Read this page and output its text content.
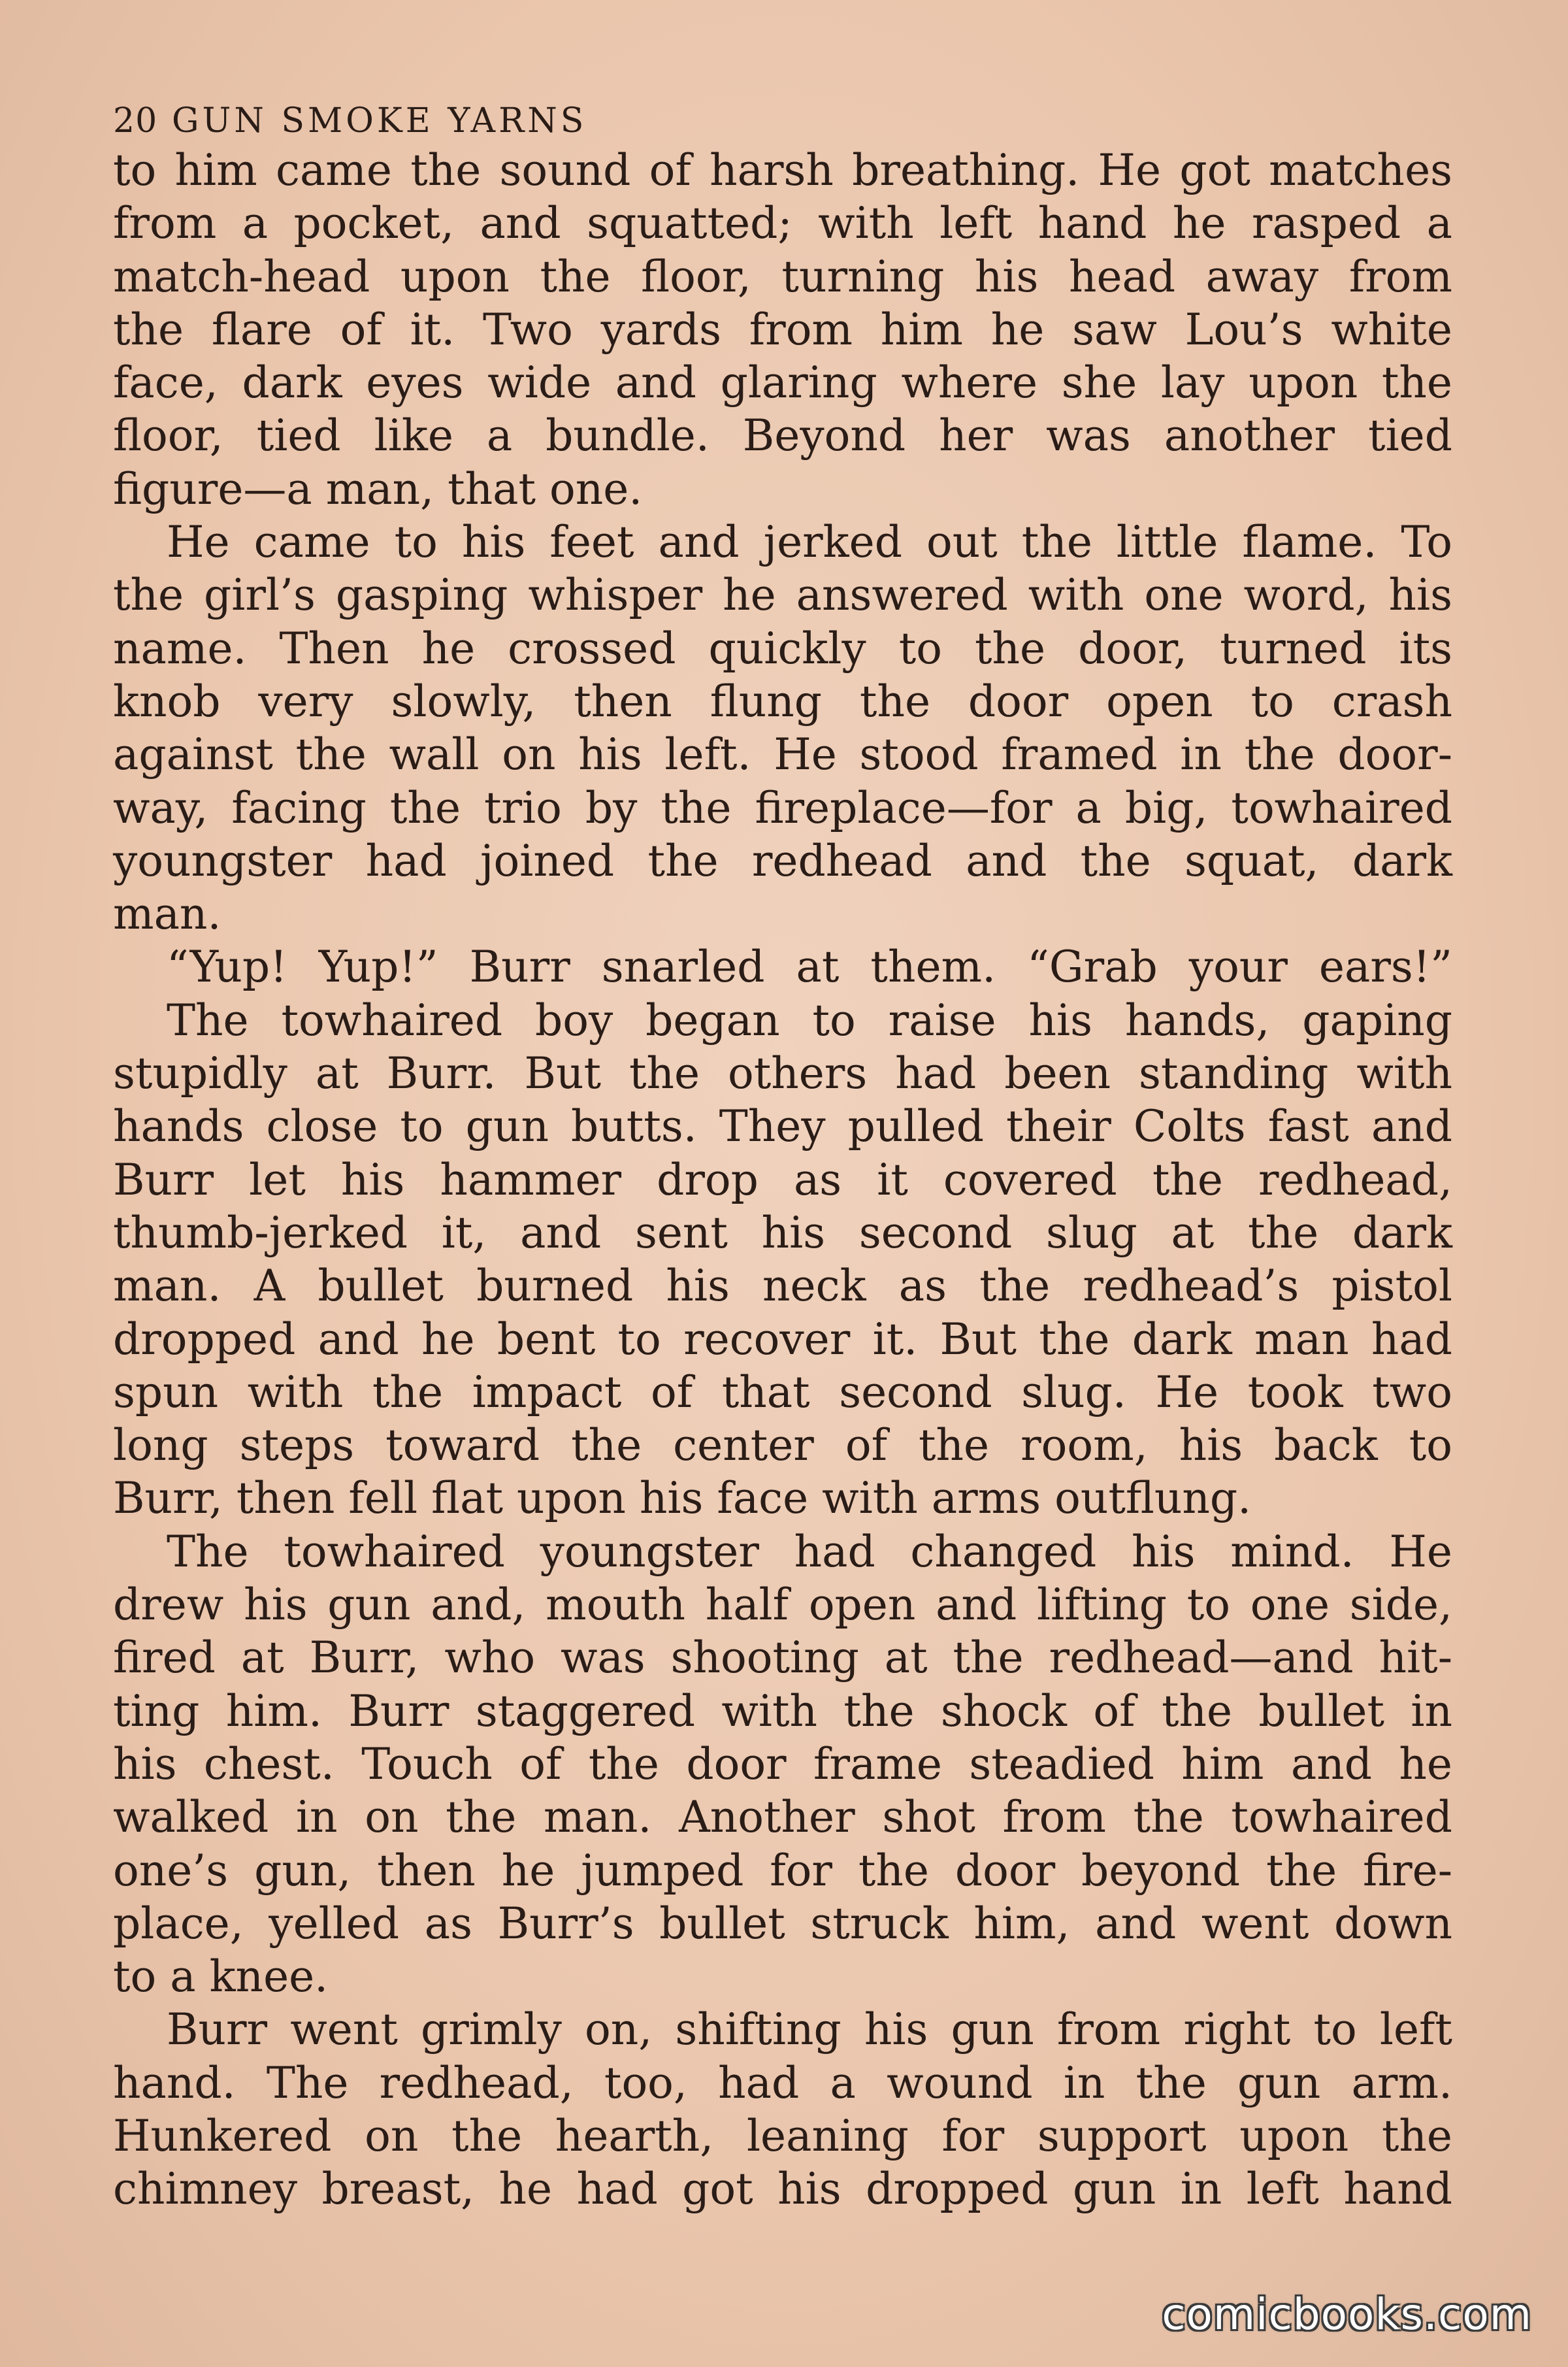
20 GUN SMOKE YARNS
to him came the sound of harsh breathing. He got matches
from a pocket, and squatted; with left hand he rasped a
match-head upon the floor, turning his head away from
the flare of it. Two yards from him he saw Lou’s white
face, dark eyes wide and glaring where she lay upon the
floor, tied like a bundle. Beyond her was another tied
figure—a man, that one.
He came to his feet and jerked out the little flame. To
the girl’s gasping whisper he answered with one word, his
name. Then he crossed quickly to the door, turned its
knob very slowly, then flung the door open to crash
against the wall on his left. He stood framed in the door-
way, facing the trio by the fireplace—for a big, towhaired
youngster had joined the redhead and the squat, dark
man.
“Yup! Yup!” Burr snarled at them. “Grab your ears!”
The towhaired boy began to raise his hands, gaping
stupidly at Burr. But the others had been standing with
hands close to gun butts. They pulled their Colts fast and
Burr let his hammer drop as it covered the redhead,
thumb-jerked it, and sent his second slug at the dark
man. A bullet burned his neck as the redhead’s pistol
dropped and he bent to recover it. But the dark man had
spun with the impact of that second slug. He took two
long steps toward the center of the room, his back to
Burr, then fell flat upon his face with arms outflung.
The towhaired youngster had changed his mind. He
drew his gun and, mouth half open and lifting to one side,
fired at Burr, who was shooting at the redhead—and hit-
ting him. Burr staggered with the shock of the bullet in
his chest. Touch of the door frame steadied him and he
walked in on the man. Another shot from the towhaired
one’s gun, then he jumped for the door beyond the fire-
place, yelled as Burr’s bullet struck him, and went down
to a knee.
Burr went grimly on, shifting his gun from right to left
hand. The redhead, too, had a wound in the gun arm.
Hunkered on the hearth, leaning for support upon the
chimney breast, he had got his dropped gun in left hand
comicbooks.com
